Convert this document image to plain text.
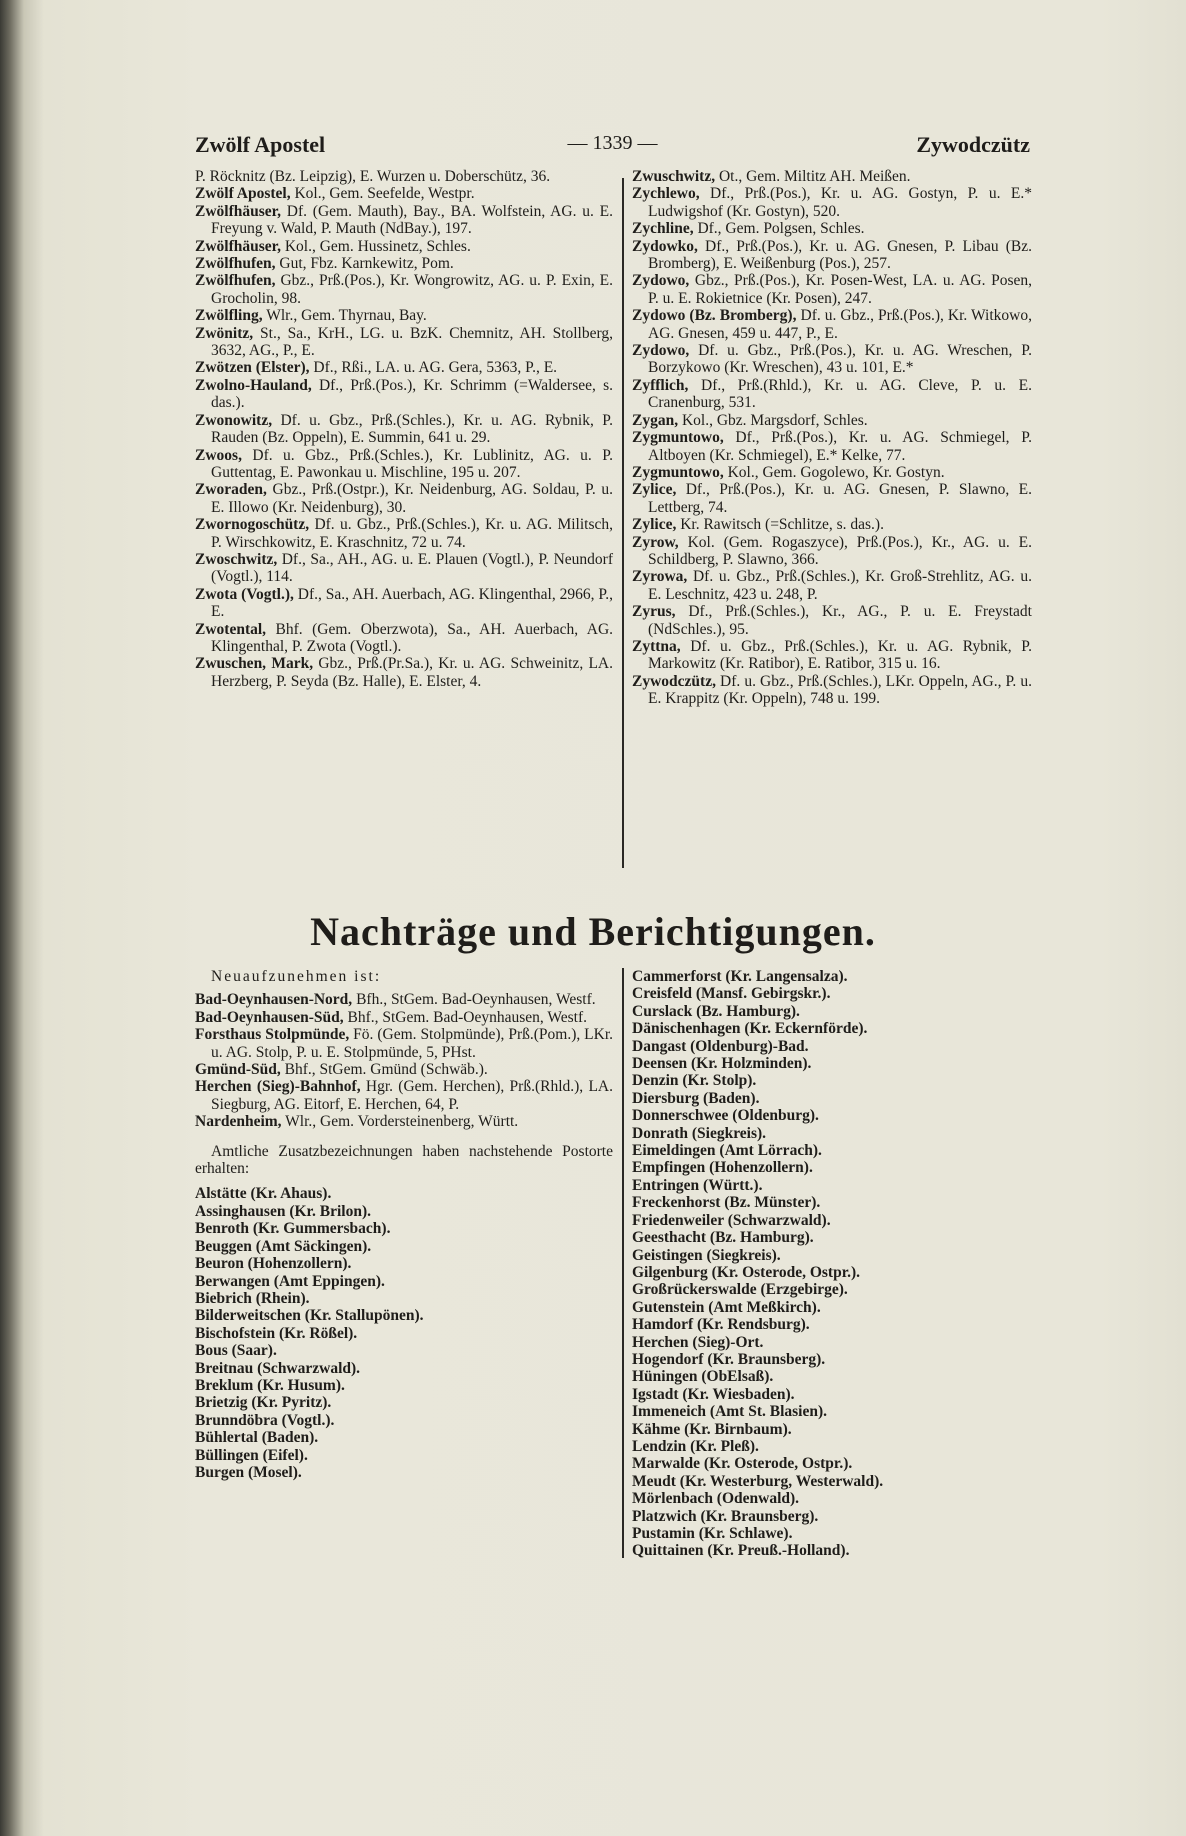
Zwölf Apostel	— 1339 —	Zywodczütz
P. Röcknitz (Bz. Leipzig), E. Wurzen u. Doberschütz, 36.
Zwölf Apostel, Kol., Gem. Seefelde, Westpr.
Zwölfhäuser, Df. (Gem. Mauth), Bay., BA. Wolfstein, AG. u. E. Freyung v. Wald, P. Mauth (NdBay.), 197.
Zwölfhäuser, Kol., Gem. Hussinetz, Schles.
Zwölfhufen, Gut, Fbz. Karnkewitz, Pom.
Zwölfhufen, Gbz., Prß.(Pos.), Kr. Wongrowitz, AG. u. P. Exin, E. Grocholin, 98.
Zwölfling, Wlr., Gem. Thyrnau, Bay.
Zwönitz, St., Sa., KrH., LG. u. BzK. Chemnitz, AH. Stollberg, 3632, AG., P., E.
Zwötzen (Elster), Df., Rßi., LA. u. AG. Gera, 5363, P., E.
Zwolno-Hauland, Df., Prß.(Pos.), Kr. Schrimm (=Waldersee, s. das.).
Zwonowitz, Df. u. Gbz., Prß.(Schles.), Kr. u. AG. Rybnik, P. Rauden (Bz. Oppeln), E. Summin, 641 u. 29.
Zwoos, Df. u. Gbz., Prß.(Schles.), Kr. Lublinitz, AG. u. P. Guttentag, E. Pawonkau u. Mischline, 195 u. 207.
Zworaden, Gbz., Prß.(Ostpr.), Kr. Neidenburg, AG. Soldau, P. u. E. Illowo (Kr. Neidenburg), 30.
Zwornogoschütz, Df. u. Gbz., Prß.(Schles.), Kr. u. AG. Militsch, P. Wirschkowitz, E. Kraschnitz, 72 u. 74.
Zwoschwitz, Df., Sa., AH., AG. u. E. Plauen (Vogtl.), P. Neundorf (Vogtl.), 114.
Zwota (Vogtl.), Df., Sa., AH. Auerbach, AG. Klingenthal, 2966, P., E.
Zwotental, Bhf. (Gem. Oberzwota), Sa., AH. Auerbach, AG. Klingenthal, P. Zwota (Vogtl.).
Zwuschen, Mark, Gbz., Prß.(Pr.Sa.), Kr. u. AG. Schweinitz, LA. Herzberg, P. Seyda (Bz. Halle), E. Elster, 4.
Zwuschwitz, Ot., Gem. Miltitz AH. Meißen.
Zychlewo, Df., Prß.(Pos.), Kr. u. AG. Gostyn, P. u. E.* Ludwigshof (Kr. Gostyn), 520.
Zychline, Df., Gem. Polgsen, Schles.
Zydowko, Df., Prß.(Pos.), Kr. u. AG. Gnesen, P. Libau (Bz. Bromberg), E. Weißenburg (Pos.), 257.
Zydowo, Gbz., Prß.(Pos.), Kr. Posen-West, LA. u. AG. Posen, P. u. E. Rokietnice (Kr. Posen), 247.
Zydowo (Bz. Bromberg), Df. u. Gbz., Prß.(Pos.), Kr. Witkowo, AG. Gnesen, 459 u. 447, P., E.
Zydowo, Df. u. Gbz., Prß.(Pos.), Kr. u. AG. Wreschen, P. Borzykowo (Kr. Wreschen), 43 u. 101, E.*
Zyfflich, Df., Prß.(Rhld.), Kr. u. AG. Cleve, P. u. E. Cranenburg, 531.
Zygan, Kol., Gbz. Margsdorf, Schles.
Zygmuntowo, Df., Prß.(Pos.), Kr. u. AG. Schmiegel, P. Altboyen (Kr. Schmiegel), E.* Kelke, 77.
Zygmuntowo, Kol., Gem. Gogolewo, Kr. Gostyn.
Zylice, Df., Prß.(Pos.), Kr. u. AG. Gnesen, P. Slawno, E. Lettberg, 74.
Zylice, Kr. Rawitsch (=Schlitze, s. das.).
Zyrow, Kol. (Gem. Rogaszyce), Prß.(Pos.), Kr., AG. u. E. Schildberg, P. Slawno, 366.
Zyrowa, Df. u. Gbz., Prß.(Schles.), Kr. Groß-Strehlitz, AG. u. E. Leschnitz, 423 u. 248, P.
Zyrus, Df., Prß.(Schles.), Kr., AG., P. u. E. Freystadt (NdSchles.), 95.
Zyttna, Df. u. Gbz., Prß.(Schles.), Kr. u. AG. Rybnik, P. Markowitz (Kr. Ratibor), E. Ratibor, 315 u. 16.
Zywodczütz, Df. u. Gbz., Prß.(Schles.), LKr. Oppeln, AG., P. u. E. Krappitz (Kr. Oppeln), 748 u. 199.
Nachträge und Berichtigungen.
Neuaufzunehmen ist:
Bad-Oeynhausen-Nord, Bfh., StGem. Bad-Oeynhausen, Westf.
Bad-Oeynhausen-Süd, Bhf., StGem. Bad-Oeynhausen, Westf.
Forsthaus Stolpmünde, Fö. (Gem. Stolpmünde), Prß.(Pom.), LKr. u. AG. Stolp, P. u. E. Stolpmünde, 5, PHst.
Gmünd-Süd, Bhf., StGem. Gmünd (Schwäb.).
Herchen (Sieg)-Bahnhof, Hgr. (Gem. Herchen), Prß.(Rhld.), LA. Siegburg, AG. Eitorf, E. Herchen, 64, P.
Nardenheim, Wlr., Gem. Vordersteinenberg, Württ.
Amtliche Zusatzbezeichnungen haben nachstehende Postorte erhalten:
Alstätte (Kr. Ahaus).
Assinghausen (Kr. Brilon).
Benroth (Kr. Gummersbach).
Beuggen (Amt Säckingen).
Beuron (Hohenzollern).
Berwangen (Amt Eppingen).
Biebrich (Rhein).
Bilderweitschen (Kr. Stallupönen).
Bischofstein (Kr. Rößel).
Bous (Saar).
Breitnau (Schwarzwald).
Breklum (Kr. Husum).
Brietzig (Kr. Pyritz).
Brunndöbra (Vogtl.).
Bühlertal (Baden).
Büllingen (Eifel).
Burgen (Mosel).
Cammerforst (Kr. Langensalza).
Creisfeld (Mansf. Gebirgskr.).
Curslack (Bz. Hamburg).
Dänischenhagen (Kr. Eckernförde).
Dangast (Oldenburg)-Bad.
Deensen (Kr. Holzminden).
Denzin (Kr. Stolp).
Diersburg (Baden).
Donnerschwee (Oldenburg).
Donrath (Siegkreis).
Eimeldingen (Amt Lörrach).
Empfingen (Hohenzollern).
Entringen (Württ.).
Freckenhorst (Bz. Münster).
Friedenweiler (Schwarzwald).
Geesthacht (Bz. Hamburg).
Geistingen (Siegkreis).
Gilgenburg (Kr. Osterode, Ostpr.).
Großrückerswalde (Erzgebirge).
Gutenstein (Amt Meßkirch).
Hamdorf (Kr. Rendsburg).
Herchen (Sieg)-Ort.
Hogendorf (Kr. Braunsberg).
Hüningen (ObElsaß).
Igstadt (Kr. Wiesbaden).
Immeneich (Amt St. Blasien).
Kähme (Kr. Birnbaum).
Lendzin (Kr. Pleß).
Marwalde (Kr. Osterode, Ostpr.).
Meudt (Kr. Westerburg, Westerwald).
Mörlenbach (Odenwald).
Platzwich (Kr. Braunsberg).
Pustamin (Kr. Schlawe).
Quittainen (Kr. Preuß.-Holland).
